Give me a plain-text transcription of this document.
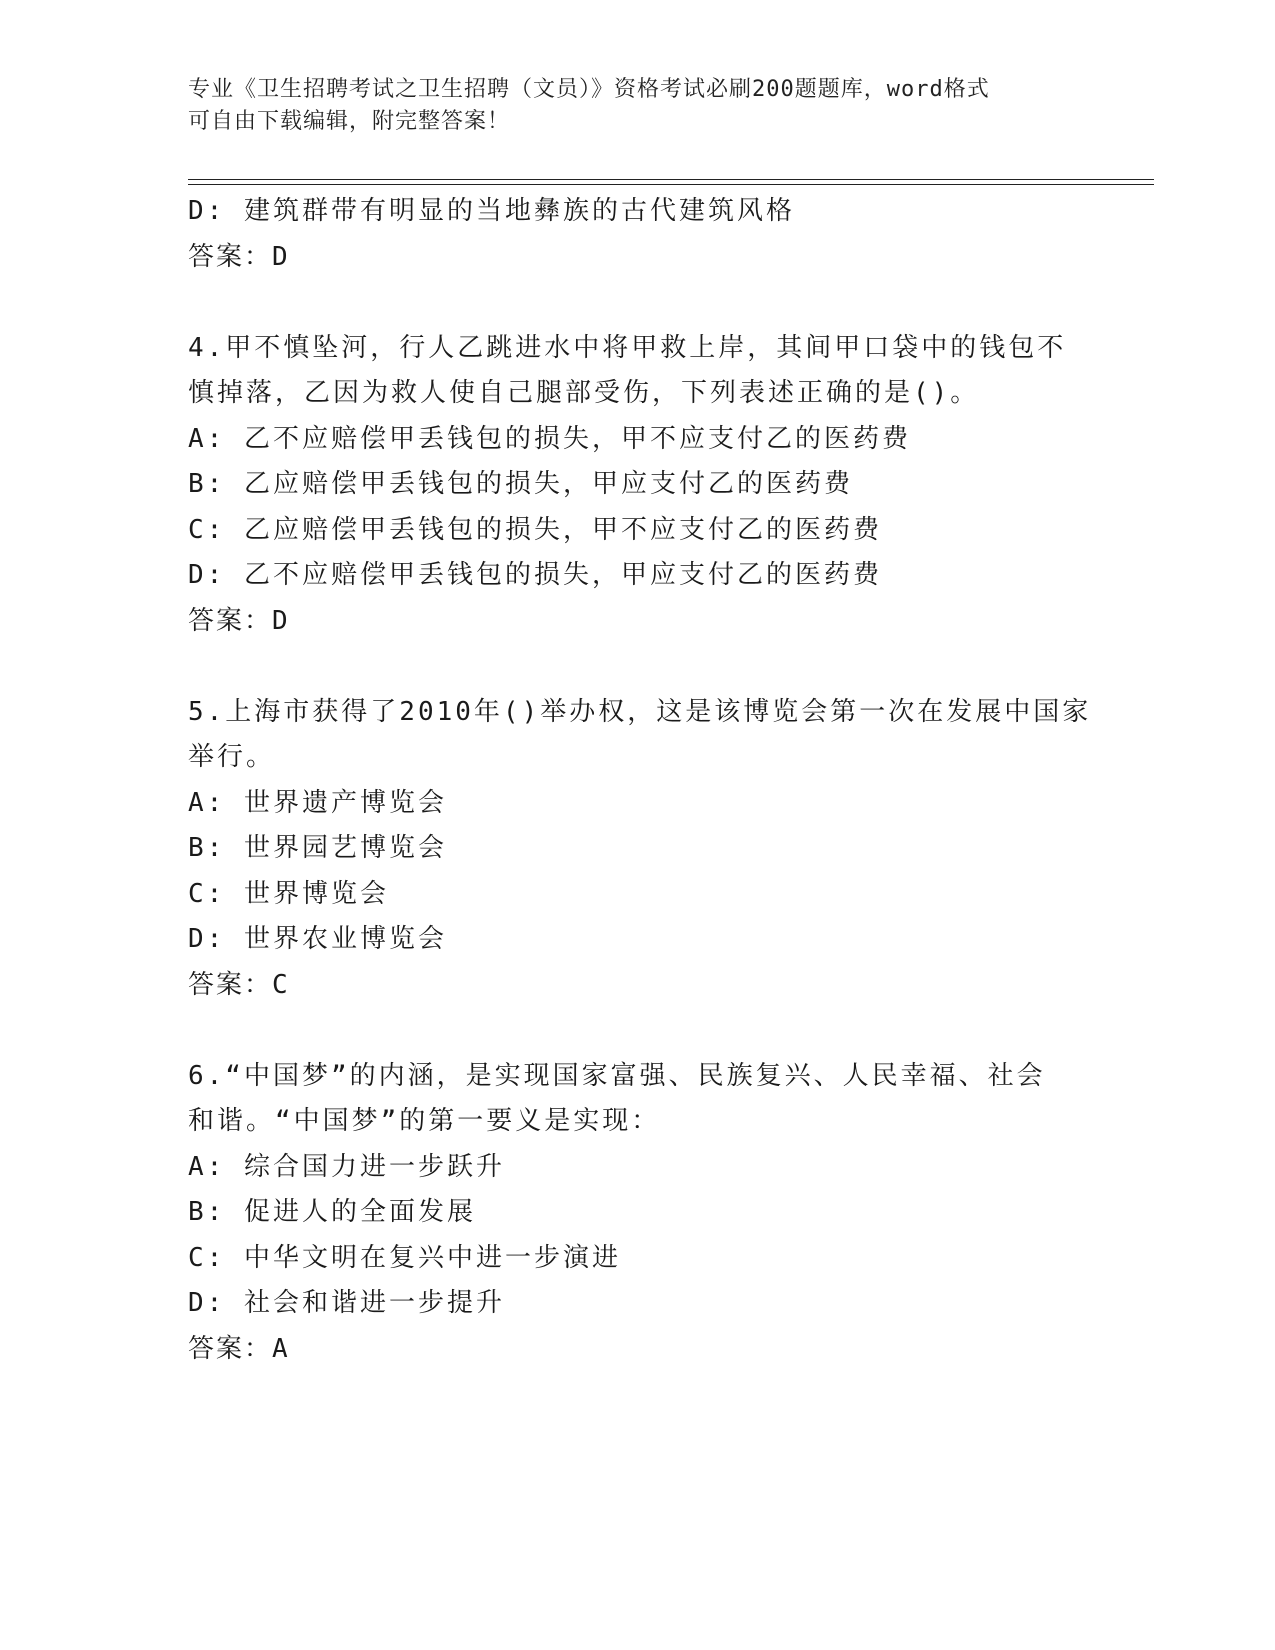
专业《卫生招聘考试之卫生招聘（文员）》资格考试必刷200题题库，word格式
可自由下载编辑，附完整答案！
D: 建筑群带有明显的当地彝族的古代建筑风格
答案：D
4.甲不慎坠河，行人乙跳进水中将甲救上岸，其间甲口袋中的钱包不
慎掉落，乙因为救人使自己腿部受伤，下列表述正确的是()。
A: 乙不应赔偿甲丢钱包的损失，甲不应支付乙的医药费
B: 乙应赔偿甲丢钱包的损失，甲应支付乙的医药费
C: 乙应赔偿甲丢钱包的损失，甲不应支付乙的医药费
D: 乙不应赔偿甲丢钱包的损失，甲应支付乙的医药费
答案：D
5.上海市获得了2010年()举办权，这是该博览会第一次在发展中国家
举行。
A: 世界遗产博览会
B: 世界园艺博览会
C: 世界博览会
D: 世界农业博览会
答案：C
6.“中国梦”的内涵，是实现国家富强、民族复兴、人民幸福、社会
和谐。“中国梦”的第一要义是实现：
A: 综合国力进一步跃升
B: 促进人的全面发展
C: 中华文明在复兴中进一步演进
D: 社会和谐进一步提升
答案：A
